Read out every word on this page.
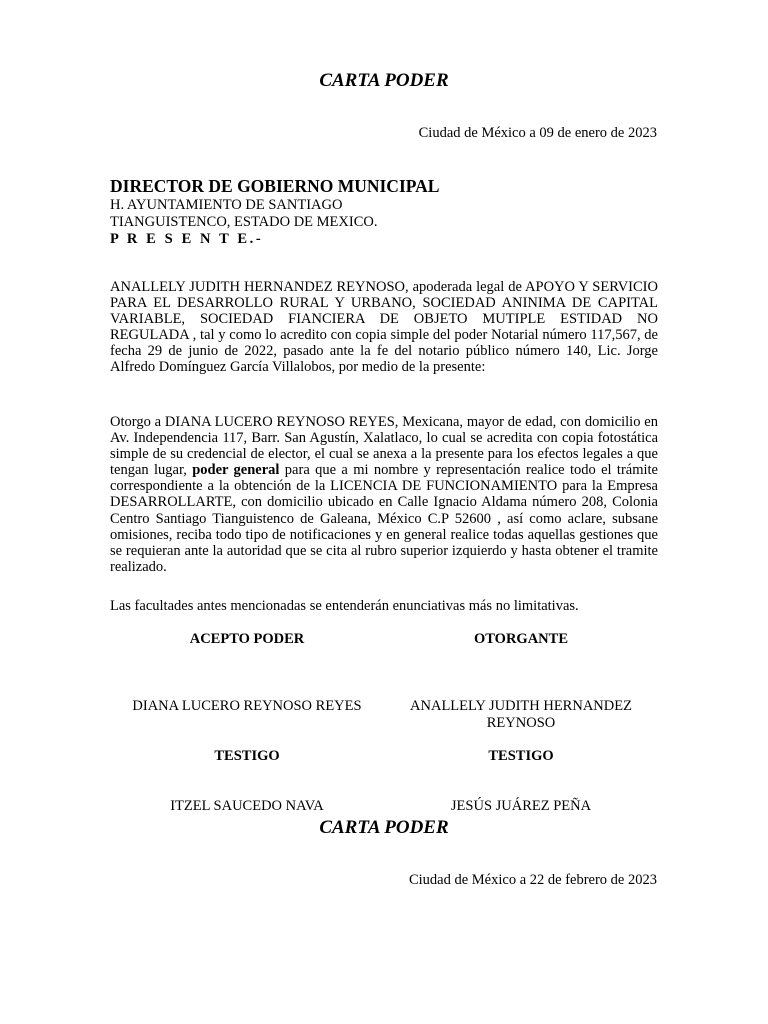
CARTA PODER

Ciudad de México a 09 de enero de 2023

DIRECTOR DE GOBIERNO MUNICIPAL
H. AYUNTAMIENTO DE SANTIAGO
TIANGUISTENCO, ESTADO DE MEXICO.
P R E S E N T E.-

ANALLELY JUDITH HERNANDEZ REYNOSO, apoderada legal de APOYO Y SERVICIO PARA EL DESARROLLO RURAL Y URBANO, SOCIEDAD ANINIMA DE CAPITAL VARIABLE, SOCIEDAD FIANCIERA DE OBJETO MUTIPLE ESTIDAD NO REGULADA , tal y como lo acredito con copia simple del poder Notarial número 117,567, de fecha 29 de junio de 2022, pasado ante la fe del notario público número 140, Lic. Jorge Alfredo Domínguez García Villalobos, por medio de la presente:

Otorgo a DIANA LUCERO REYNOSO REYES, Mexicana, mayor de edad, con domicilio en Av. Independencia 117, Barr. San Agustín, Xalatlaco, lo cual se acredita con copia fotostática simple de su credencial de elector, el cual se anexa a la presente para los efectos legales a que tengan lugar, poder general para que a mi nombre y representación realice todo el trámite correspondiente a la obtención de la LICENCIA DE FUNCIONAMIENTO para la Empresa DESARROLLARTE, con domicilio ubicado en Calle Ignacio Aldama número 208, Colonia Centro Santiago Tianguistenco de Galeana, México C.P 52600 , así como aclare, subsane omisiones, reciba todo tipo de notificaciones y en general realice todas aquellas gestiones que se requieran ante la autoridad que se cita al rubro superior izquierdo y hasta obtener el tramite realizado.

Las facultades antes mencionadas se entenderán enunciativas más no limitativas.

ACEPTO PODER	OTORGANTE

DIANA LUCERO REYNOSO REYES	ANALLELY JUDITH HERNANDEZ REYNOSO

TESTIGO	TESTIGO

ITZEL SAUCEDO NAVA	JESÚS JUÁREZ PEÑA

CARTA PODER

Ciudad de México a 22 de febrero de 2023
